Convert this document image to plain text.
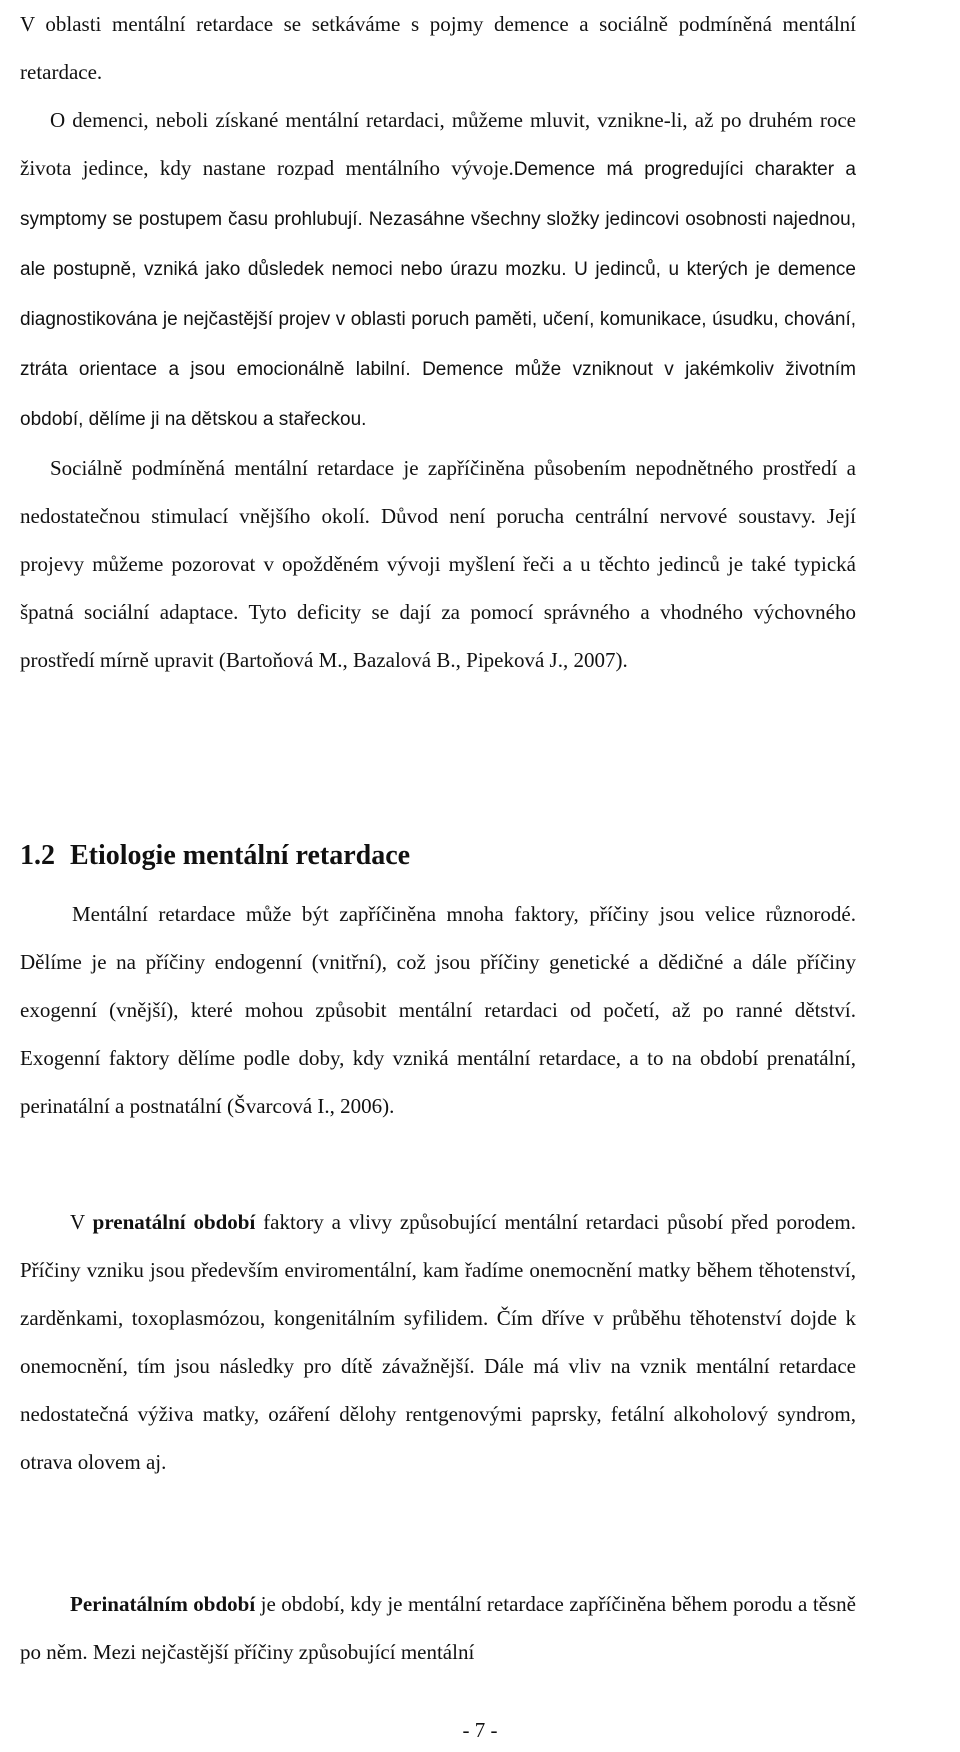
V oblasti mentální retardace se setkáváme s pojmy demence a sociálně podmíněná mentální retardace.
O demenci, neboli získané mentální retardaci, můžeme mluvit, vznikne-li, až po druhém roce života jedince, kdy nastane rozpad mentálního vývoje.Demence má progredujíci charakter a symptomy se postupem času prohlubují. Nezasáhne všechny složky jedincovi osobnosti najednou, ale postupně, vzniká jako důsledek nemoci nebo úrazu mozku. U jedinců, u kterých je demence diagnostikována je nejčastější projev v oblasti poruch paměti, učení, komunikace, úsudku, chování, ztráta orientace a jsou emocionálně labilní. Demence může vzniknout v jakémkoliv životním období, dělíme ji na dětskou a stařeckou.
Sociálně podmíněná mentální retardace je zapříčiněna působením nepodnětného prostředí a nedostatečnou stimulací vnějšího okolí. Důvod není porucha centrální nervové soustavy. Její projevy můžeme pozorovat v opožděném vývoji myšlení řeči a u těchto jedinců je také typická špatná sociální adaptace. Tyto deficity se dají za pomocí správného a vhodného výchovného prostředí mírně upravit (Bartoňová M., Bazalová B., Pipeková J., 2007).

1.2 Etiologie mentální retardace

Mentální retardace může být zapříčiněna mnoha faktory, příčiny jsou velice různorodé. Dělíme je na příčiny endogenní (vnitřní), což jsou příčiny genetické a dědičné a dále příčiny exogenní (vnější), které mohou způsobit mentální retardaci od početí, až po ranné dětství. Exogenní faktory dělíme podle doby, kdy vzniká mentální retardace, a to na období prenatální, perinatální a postnatální (Švarcová I., 2006).

V prenatální období faktory a vlivy způsobující mentální retardaci působí před porodem. Příčiny vzniku jsou především enviromentální, kam řadíme onemocnění matky během těhotenství, zarděnkami, toxoplasmózou, kongenitálním syfilidem. Čím dříve v průběhu těhotenství dojde k onemocnění, tím jsou následky pro dítě závažnější. Dále má vliv na vznik mentální retardace nedostatečná výživa matky, ozáření dělohy rentgenovými paprsky, fetální alkoholový syndrom, otrava olovem aj.

Perinatálním období je období, kdy je mentální retardace zapříčiněna během porodu a těsně po něm. Mezi nejčastější příčiny způsobující mentální

- 7 -
